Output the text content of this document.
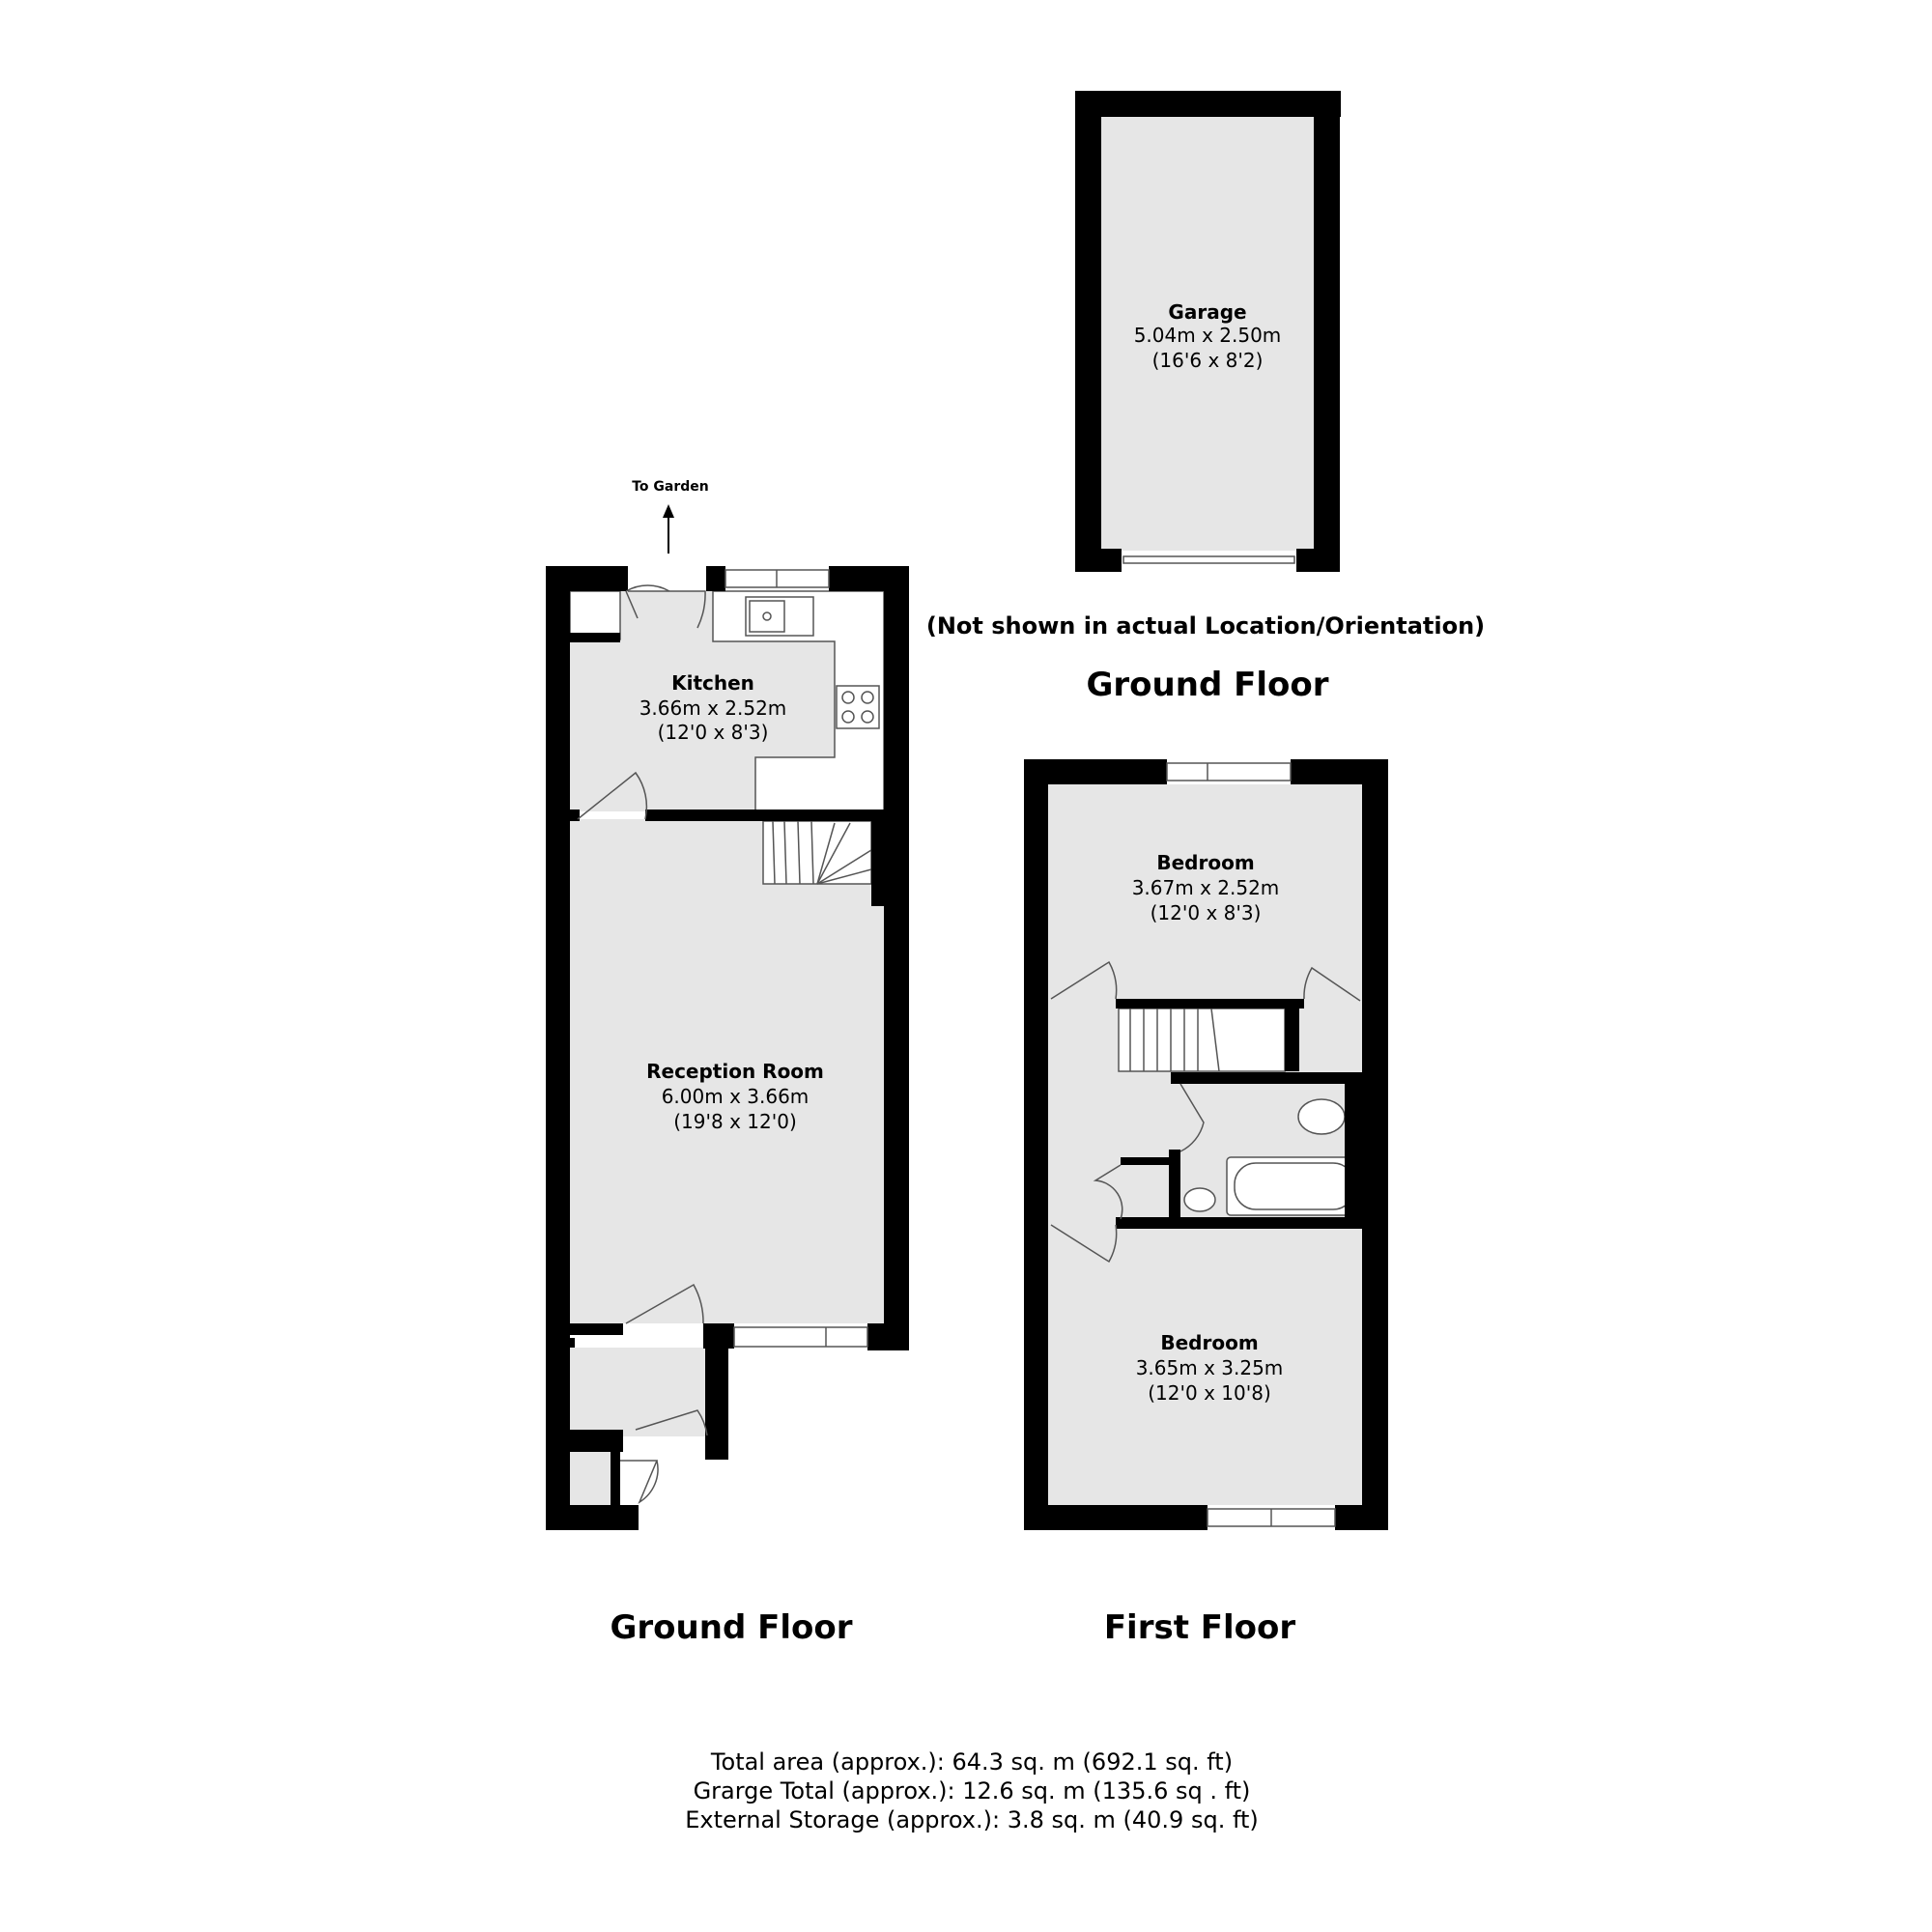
Garage
5.04m x 2.50m
(16'6 x 8'2)
(Not shown in actual Location/Orientation)
Ground Floor
To Garden
Kitchen
3.66m x 2.52m
(12'0 x 8'3)
Reception Room
6.00m x 3.66m
(19'8 x 12'0)
Ground Floor
Bedroom
3.67m x 2.52m
(12'0 x 8'3)
Bedroom
3.65m x 3.25m
(12'0 x 10'8)
First Floor
Total area (approx.): 64.3 sq. m (692.1 sq. ft)
Grarge Total (approx.): 12.6 sq. m (135.6 sq . ft)
External Storage (approx.): 3.8 sq. m (40.9 sq. ft)
